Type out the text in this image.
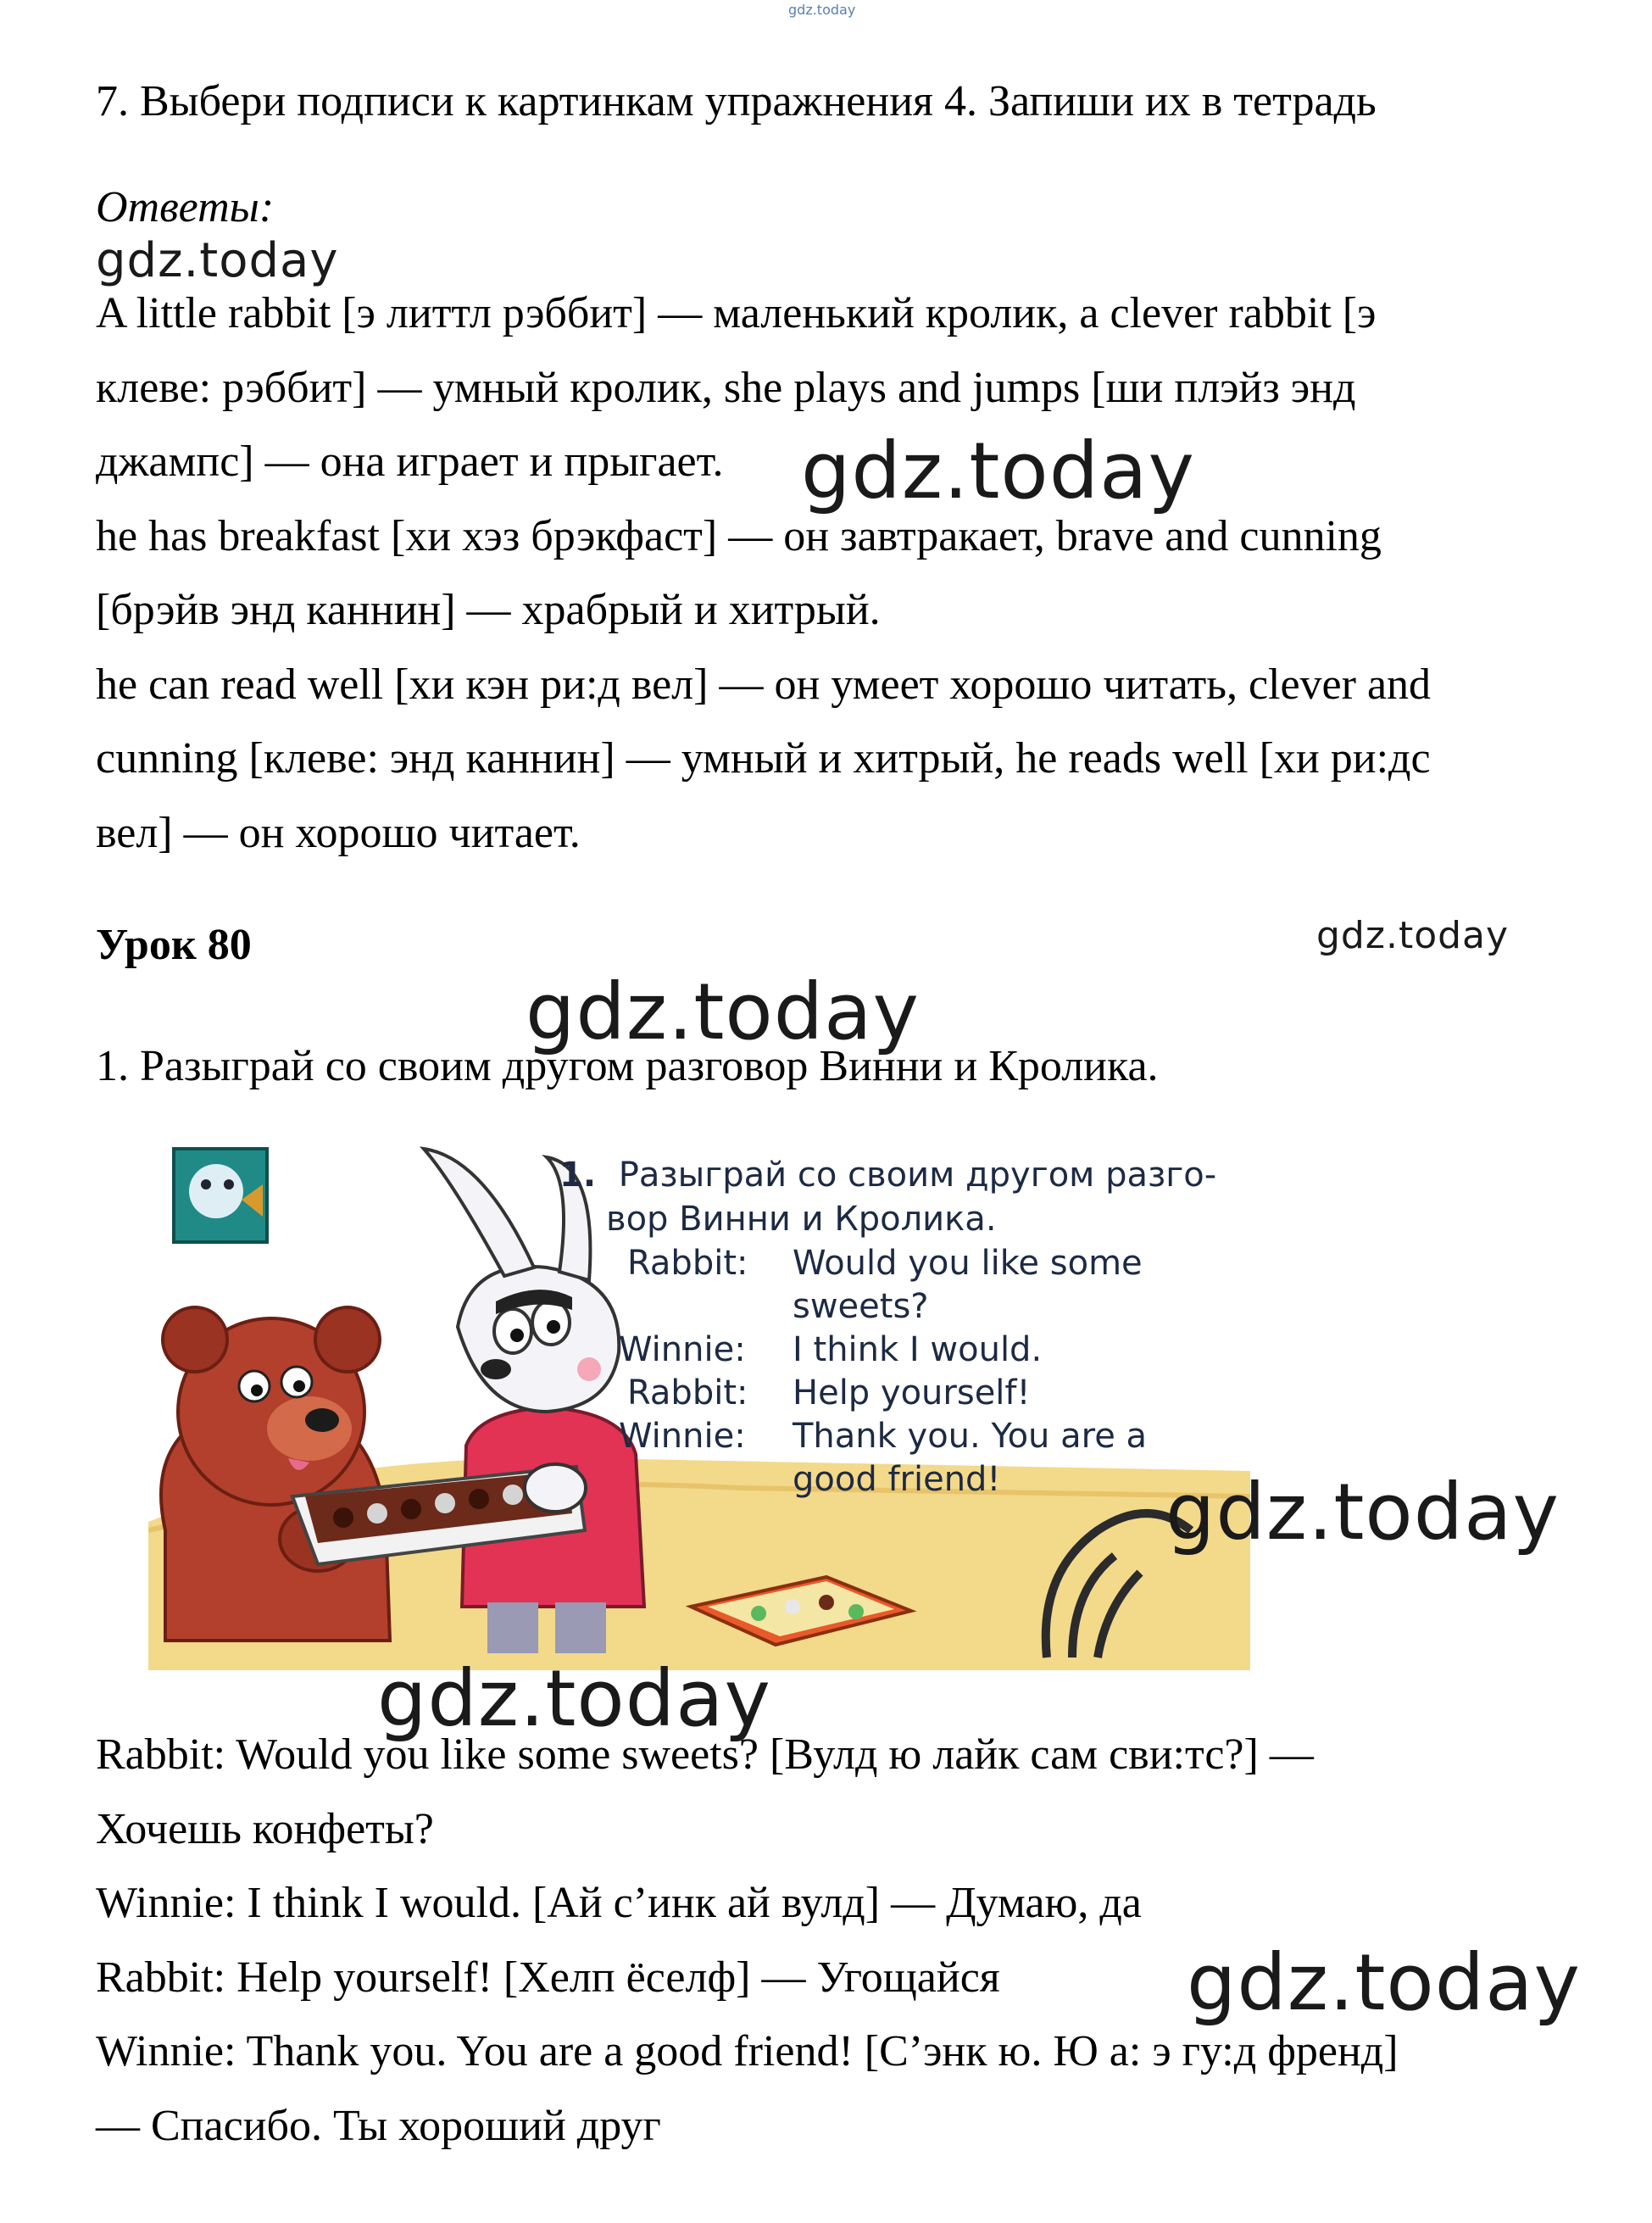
gdz.today
7. Выбери подписи к картинкам упражнения 4. Запиши их в тетрадь
Ответы:
gdz.today
A little rabbit [э литтл рэббит] — маленький кролик, a clever rabbit [э
клеве: рэббит] — умный кролик, she plays and jumps [ши плэйз энд
джампс] — она играет и прыгает. gdz.today
he has breakfast [хи хэз брэкфаст] — он завтракает, brave and cunning
[брэйв энд каннин] — храбрый и хитрый.
he can read well [хи кэн ри:д вел] — он умеет хорошо читать, clever and
cunning [клеве: энд каннин] — умный и хитрый, he reads well [хи ри:дс
вел] — он хорошо читает.
Урок 80	gdz.today
gdz.today
1. Разыграй со своим другом разговор Винни и Кролика.
1. Разыграй со своим другом разго-
вор Винни и Кролика.
Rabbit: Would you like some
sweets?
Winnie: I think I would.
Rabbit: Help yourself!
Winnie: Thank you. You are a
good friend! gdz.today
gdz.today
Rabbit: Would you like some sweets? [Вулд ю лайк сам сви:тс?] —
Хочешь конфеты?
Winnie: I think I would. [Ай с’инк ай вулд] — Думаю, да
Rabbit: Help yourself! [Хелп ёселф] — Угощайся gdz.today
Winnie: Thank you. You are a good friend! [С’энк ю. Ю а: э гу:д френд]
— Спасибо. Ты хороший друг
